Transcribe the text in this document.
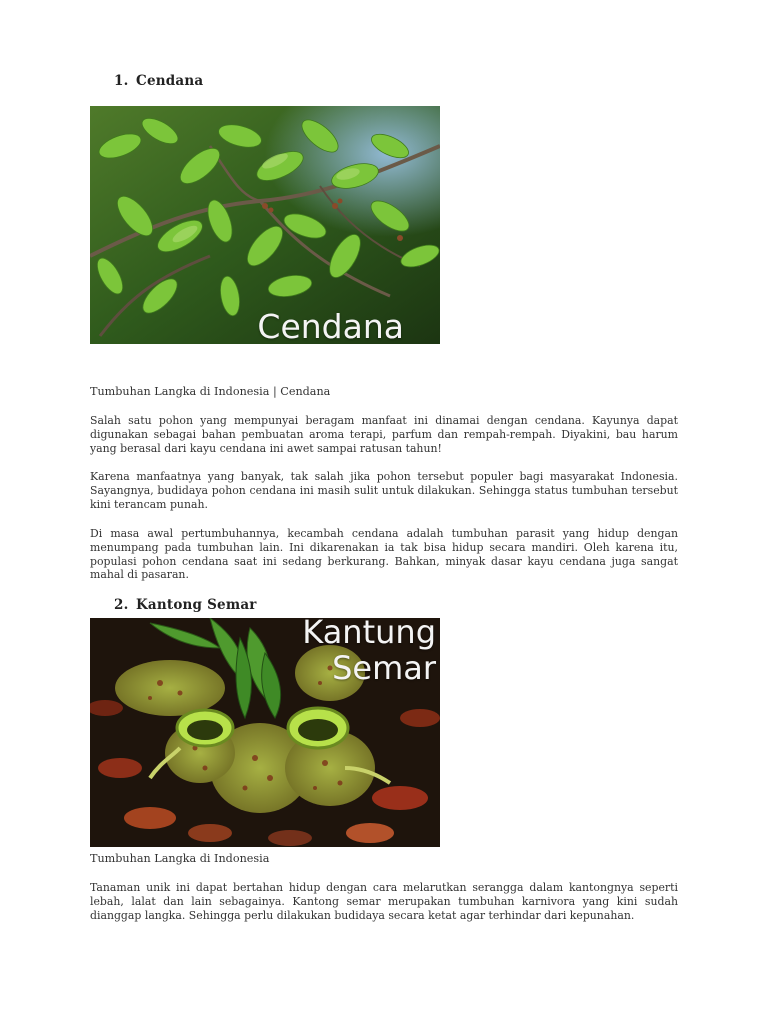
1. Cendana
Cendana
Tumbuhan Langka di Indonesia | Cendana

Salah satu pohon yang mempunyai beragam manfaat ini dinamai dengan cendana. Kayunya dapat digunakan sebagai bahan pembuatan aroma terapi, parfum dan rempah-rempah. Diyakini, bau harum yang berasal dari kayu cendana ini awet sampai ratusan tahun!

Karena manfaatnya yang banyak, tak salah jika pohon tersebut populer bagi masyarakat Indonesia. Sayangnya, budidaya pohon cendana ini masih sulit untuk dilakukan. Sehingga status tumbuhan tersebut kini terancam punah.

Di masa awal pertumbuhannya, kecambah cendana adalah tumbuhan parasit yang hidup dengan menumpang pada tumbuhan lain. Ini dikarenakan ia tak bisa hidup secara mandiri. Oleh karena itu, populasi pohon cendana saat ini sedang berkurang. Bahkan, minyak dasar kayu cendana juga sangat mahal di pasaran.

2. Kantong Semar
Kantung
Semar
Tumbuhan Langka di Indonesia

Tanaman unik ini dapat bertahan hidup dengan cara melarutkan serangga dalam kantongnya seperti lebah, lalat dan lain sebagainya. Kantong semar merupakan tumbuhan karnivora yang kini sudah dianggap langka. Sehingga perlu dilakukan budidaya secara ketat agar terhindar dari kepunahan.
